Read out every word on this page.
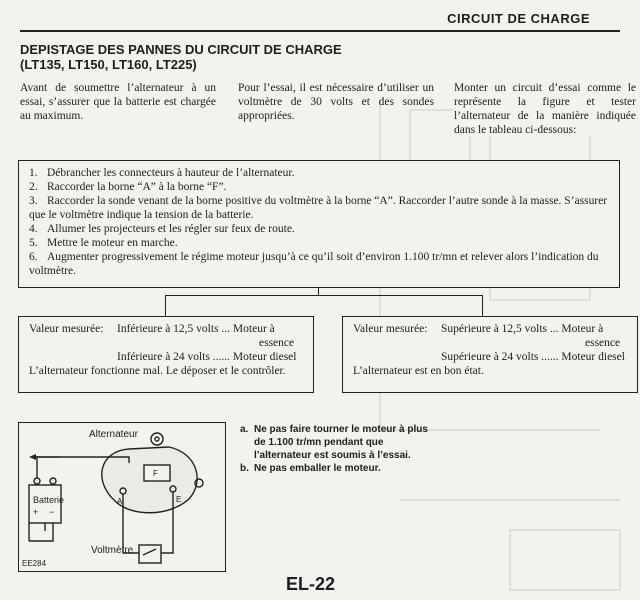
CIRCUIT DE CHARGE
DEPISTAGE DES PANNES DU CIRCUIT DE CHARGE
(LT135, LT150, LT160, LT225)
Avant de soumettre l’alternateur à un essai, s’assurer que la batterie est chargée au maximum.
Pour l’essai, il est nécessaire d’utiliser un voltmètre de 30 volts et des sondes appropriées.
Monter un circuit d’essai comme le représente la figure et tester l’alternateur de la manière indiquée dans le tableau ci-dessous:
1. Débrancher les connecteurs à hauteur de l’alternateur.
2. Raccorder la borne “A” à la borne “F”.
3. Raccorder la sonde venant de la borne positive du voltmètre à la borne “A”. Raccorder l’autre sonde à la masse. S’assurer que le voltmètre indique la tension de la batterie.
4. Allumer les projecteurs et les régler sur feux de route.
5. Mettre le moteur en marche.
6. Augmenter progressivement le régime moteur jusqu’à ce qu’il soit d’environ 1.100 tr/mn et relever alors l’indication du voltmètre.
Valeur mesurée: Inférieure à 12,5 volts ... Moteur à
essence
Inférieure à 24 volts ...... Moteur diesel
L’alternateur fonctionne mal. Le déposer et le contrôler.
Valeur mesurée: Supérieure à 12,5 volts ... Moteur à
essence
Supérieure à 24 volts ...... Moteur diesel
L’alternateur est en bon état.
Alternateur
Batterie
+ −
A	E
F
Voltmètre
EE284
a. Ne pas faire tourner le moteur à plus de 1.100 tr/mn pendant que l’alternateur est soumis à l’essai.
b. Ne pas emballer le moteur.
EL-22
